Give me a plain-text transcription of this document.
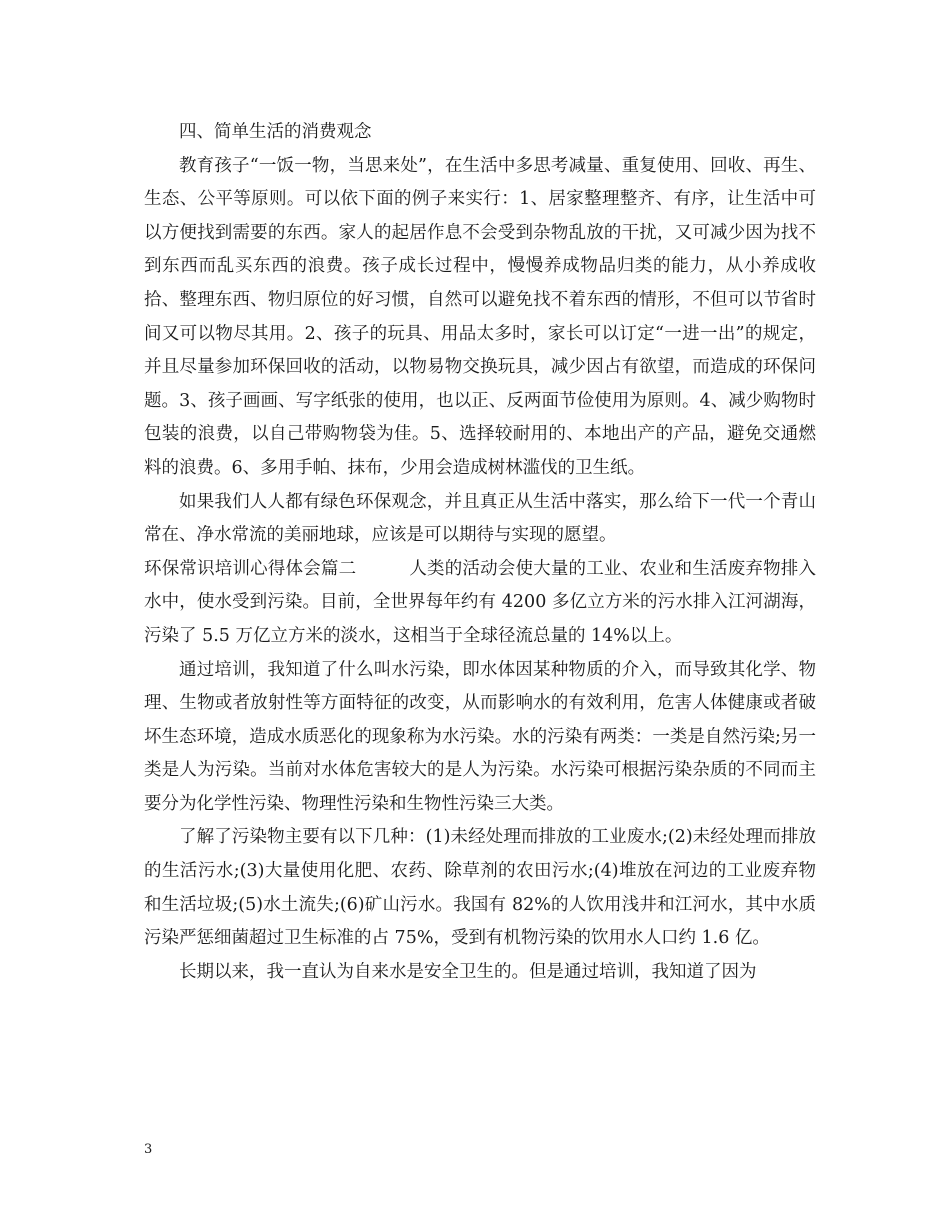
四、简单生活的消费观念

教育孩子“一饭一物，当思来处”，在生活中多思考减量、重复使用、回收、再生、生态、公平等原则。可以依下面的例子来实行：1、居家整理整齐、有序，让生活中可以方便找到需要的东西。家人的起居作息不会受到杂物乱放的干扰，又可减少因为找不到东西而乱买东西的浪费。孩子成长过程中，慢慢养成物品归类的能力，从小养成收拾、整理东西、物归原位的好习惯，自然可以避免找不着东西的情形，不但可以节省时间又可以物尽其用。2、孩子的玩具、用品太多时，家长可以订定“一进一出”的规定，并且尽量参加环保回收的活动，以物易物交换玩具，减少因占有欲望，而造成的环保问题。3、孩子画画、写字纸张的使用，也以正、反两面节俭使用为原则。4、减少购物时包装的浪费，以自己带购物袋为佳。5、选择较耐用的、本地出产的产品，避免交通燃料的浪费。6、多用手帕、抹布，少用会造成树林滥伐的卫生纸。

如果我们人人都有绿色环保观念，并且真正从生活中落实，那么给下一代一个青山常在、净水常流的美丽地球，应该是可以期待与实现的愿望。

环保常识培训心得体会篇二　　　人类的活动会使大量的工业、农业和生活废弃物排入水中，使水受到污染。目前，全世界每年约有 4200 多亿立方米的污水排入江河湖海，污染了 5.5 万亿立方米的淡水，这相当于全球径流总量的 14%以上。

通过培训，我知道了什么叫水污染，即水体因某种物质的介入，而导致其化学、物理、生物或者放射性等方面特征的改变，从而影响水的有效利用，危害人体健康或者破坏生态环境，造成水质恶化的现象称为水污染。水的污染有两类：一类是自然污染;另一类是人为污染。当前对水体危害较大的是人为污染。水污染可根据污染杂质的不同而主要分为化学性污染、物理性污染和生物性污染三大类。

了解了污染物主要有以下几种：(1)未经处理而排放的工业废水;(2)未经处理而排放的生活污水;(3)大量使用化肥、农药、除草剂的农田污水;(4)堆放在河边的工业废弃物和生活垃圾;(5)水土流失;(6)矿山污水。我国有 82%的人饮用浅井和江河水，其中水质污染严惩细菌超过卫生标准的占 75%，受到有机物污染的饮用水人口约 1.6 亿。

长期以来，我一直认为自来水是安全卫生的。但是通过培训，我知道了因为

3
